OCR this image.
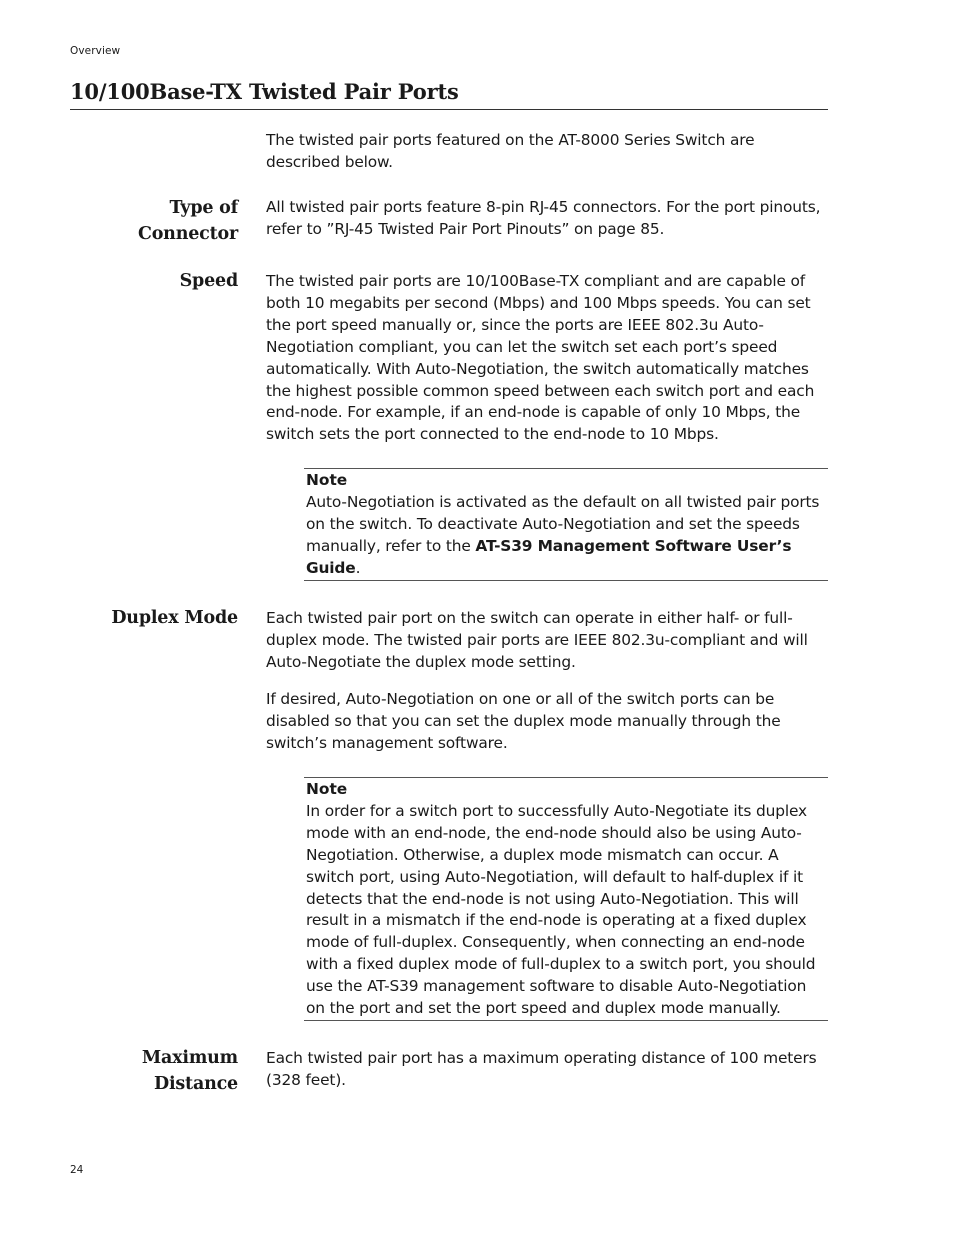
Overview
10/100Base-TX Twisted Pair Ports

The twisted pair ports featured on the AT-8000 Series Switch are described below.

Type of
Connector

All twisted pair ports feature 8-pin RJ-45 connectors. For the port pinouts, refer to ”RJ-45 Twisted Pair Port Pinouts” on page 85.

Speed The twisted pair ports are 10/100Base-TX compliant and are capable of both 10 megabits per second (Mbps) and 100 Mbps speeds. You can set the port speed manually or, since the ports are IEEE 802.3u Auto-Negotiation compliant, you can let the switch set each port’s speed automatically. With Auto-Negotiation, the switch automatically matches the highest possible common speed between each switch port and each end-node. For example, if an end-node is capable of only 10 Mbps, the switch sets the port connected to the end-node to 10 Mbps.

Note

Auto-Negotiation is activated as the default on all twisted pair ports on the switch. To deactivate Auto-Negotiation and set the speeds manually, refer to the AT-S39 Management Software User’s Guide.

Duplex Mode Each twisted pair port on the switch can operate in either half- or full-duplex mode. The twisted pair ports are IEEE 802.3u-compliant and will Auto-Negotiate the duplex mode setting.

If desired, Auto-Negotiation on one or all of the switch ports can be disabled so that you can set the duplex mode manually through the switch’s management software.

Note

In order for a switch port to successfully Auto-Negotiate its duplex mode with an end-node, the end-node should also be using Auto-Negotiation. Otherwise, a duplex mode mismatch can occur. A switch port, using Auto-Negotiation, will default to half-duplex if it detects that the end-node is not using Auto-Negotiation. This will result in a mismatch if the end-node is operating at a fixed duplex mode of full-duplex. Consequently, when connecting an end-node with a fixed duplex mode of full-duplex to a switch port, you should use the AT-S39 management software to disable Auto-Negotiation on the port and set the port speed and duplex mode manually.

Maximum
Distance

Each twisted pair port has a maximum operating distance of 100 meters (328 feet).

24
